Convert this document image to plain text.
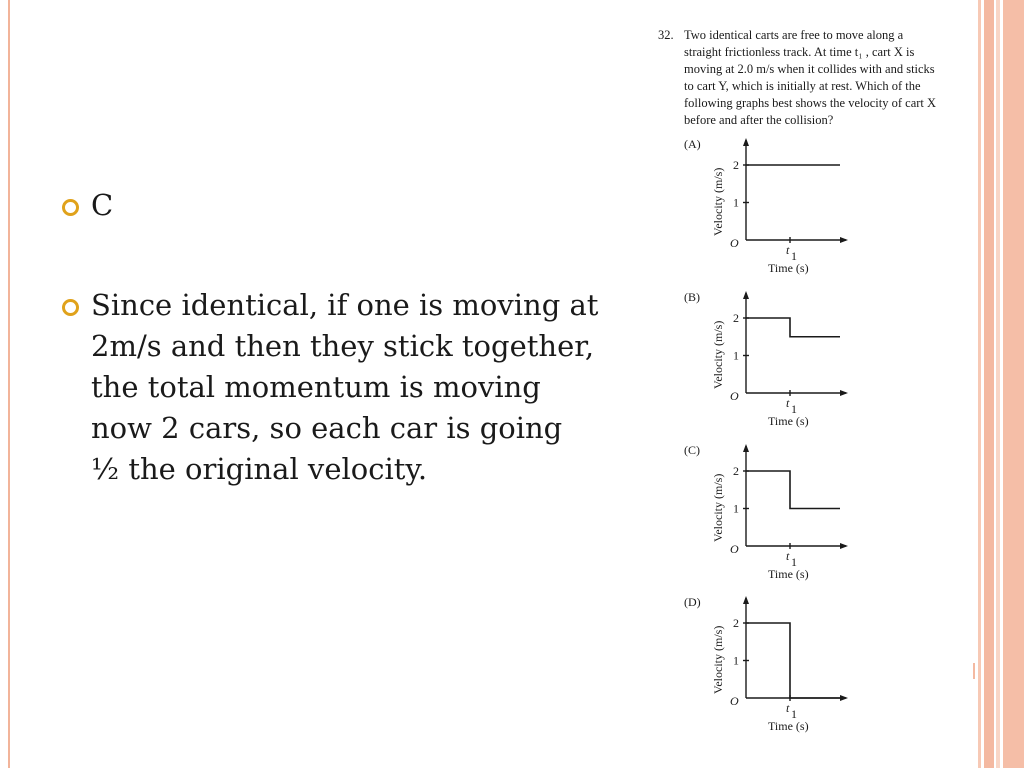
C
Since identical, if one is moving at
2m/s and then they stick together,
the total momentum is moving
now 2 cars, so each car is going
½ the original velocity.
32. Two identical carts are free to move along a
straight frictionless track. At time t₁ , cart X is
moving at 2.0 m/s when it collides with and sticks
to cart Y, which is initially at rest. Which of the
following graphs best shows the velocity of cart X
before and after the collision?
(A)
2
1
O	t 1
Time (s)
Velocity (m/s)
(B)
2
1
O	t 1
Time (s)
Velocity (m/s)
(C)
2
1
O	t 1
Time (s)
Velocity (m/s)
(D)
2
1
O	t 1
Time (s)
Velocity (m/s)
